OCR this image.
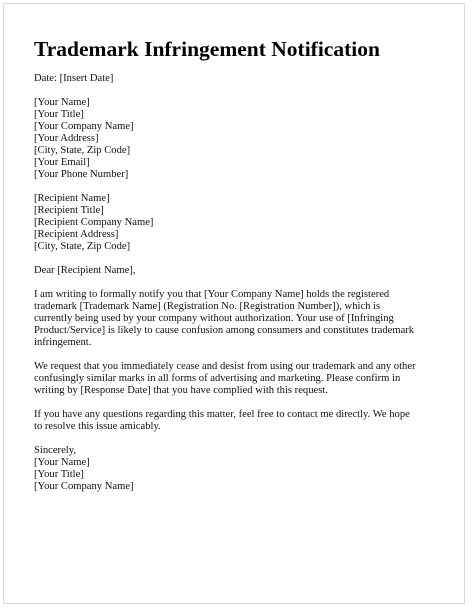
Trademark Infringement Notification
Date: [Insert Date]
[Your Name]
[Your Title]
[Your Company Name]
[Your Address]
[City, State, Zip Code]
[Your Email]
[Your Phone Number]
[Recipient Name]
[Recipient Title]
[Recipient Company Name]
[Recipient Address]
[City, State, Zip Code]
Dear [Recipient Name],
I am writing to formally notify you that [Your Company Name] holds the registered
trademark [Trademark Name] (Registration No. [Registration Number]), which is
currently being used by your company without authorization. Your use of [Infringing
Product/Service] is likely to cause confusion among consumers and constitutes trademark
infringement.
We request that you immediately cease and desist from using our trademark and any other
confusingly similar marks in all forms of advertising and marketing. Please confirm in
writing by [Response Date] that you have complied with this request.
If you have any questions regarding this matter, feel free to contact me directly. We hope
to resolve this issue amicably.
Sincerely,
[Your Name]
[Your Title]
[Your Company Name]
